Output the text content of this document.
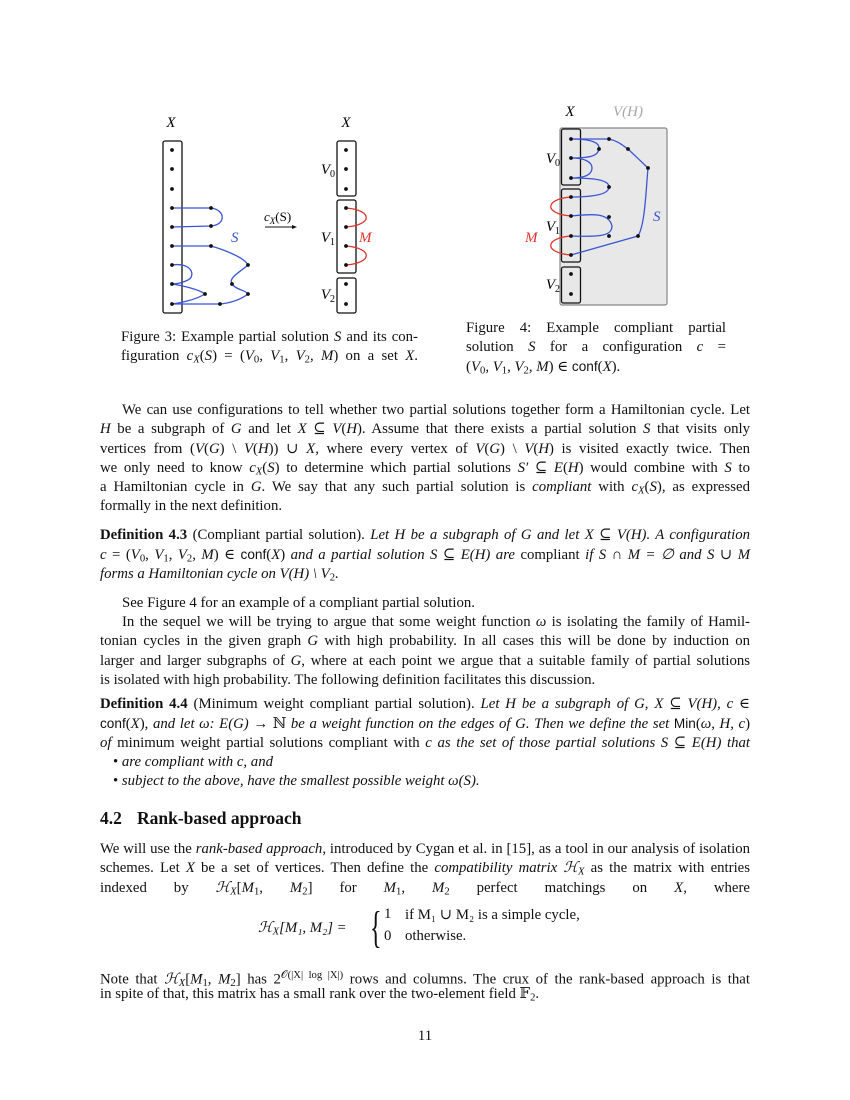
X
S
$c_X(S)$
X
$V_0$
$V_1$
$V_2$
M
X	V(H)
$V_0$
$V_1$
$V_2$
M
S
Figure 3: Example partial solution S and its con-
figuration cX(S) = (V0, V1, V2, M) on a set X.
Figure 4: Example compliant partial
solution S for a configuration c =
(V0, V1, V2, M) ∈ conf(X).
We can use configurations to tell whether two partial solutions together form a Hamiltonian cycle. Let
H be a subgraph of G and let X ⊆ V(H). Assume that there exists a partial solution S that visits only
vertices from (V(G) \ V(H)) ∪ X, where every vertex of V(G) \ V(H) is visited exactly twice. Then
we only need to know cX(S) to determine which partial solutions S′ ⊆ E(H) would combine with S to
a Hamiltonian cycle in G. We say that any such partial solution is compliant with cX(S), as expressed
formally in the next definition.
Definition 4.3 (Compliant partial solution). Let H be a subgraph of G and let X ⊆ V(H). A configuration
c = (V0, V1, V2, M) ∈ conf(X) and a partial solution S ⊆ E(H) are compliant if S ∩ M = ∅ and S ∪ M
forms a Hamiltonian cycle on V(H) \ V2.
See Figure 4 for an example of a compliant partial solution.
In the sequel we will be trying to argue that some weight function ω is isolating the family of Hamil-
tonian cycles in the given graph G with high probability. In all cases this will be done by induction on
larger and larger subgraphs of G, where at each point we argue that a suitable family of partial solutions
is isolated with high probability. The following definition facilitates this discussion.
Definition 4.4 (Minimum weight compliant partial solution). Let H be a subgraph of G, X ⊆ V(H), c ∈
conf(X), and let ω: E(G) → ℕ be a weight function on the edges of G. Then we define the set Min(ω, H, c)
of minimum weight partial solutions compliant with c as the set of those partial solutions S ⊆ E(H) that
• are compliant with c, and
• subject to the above, have the smallest possible weight ω(S).
We will use the rank-based approach, introduced by Cygan et al. in [15], as a tool in our analysis of isolation
schemes. Let X be a set of vertices. Then define the compatibility matrix ℋX as the matrix with entries
indexed by ℋX[M1, M2] for M1, M2 perfect matchings on X, where
Note that ℋX[M1, M2] has $2^{𝒪(|X| log |X|)}$ rows and columns. The crux of the rank-based approach is that
in spite of that, this matrix has a small rank over the two-element field 𝔽2.
4.2 Rank-based approach
ℋX[M₁, M₂] = { 1 if M₁ ∪ M₂ is a simple cycle,
0 otherwise.
11
